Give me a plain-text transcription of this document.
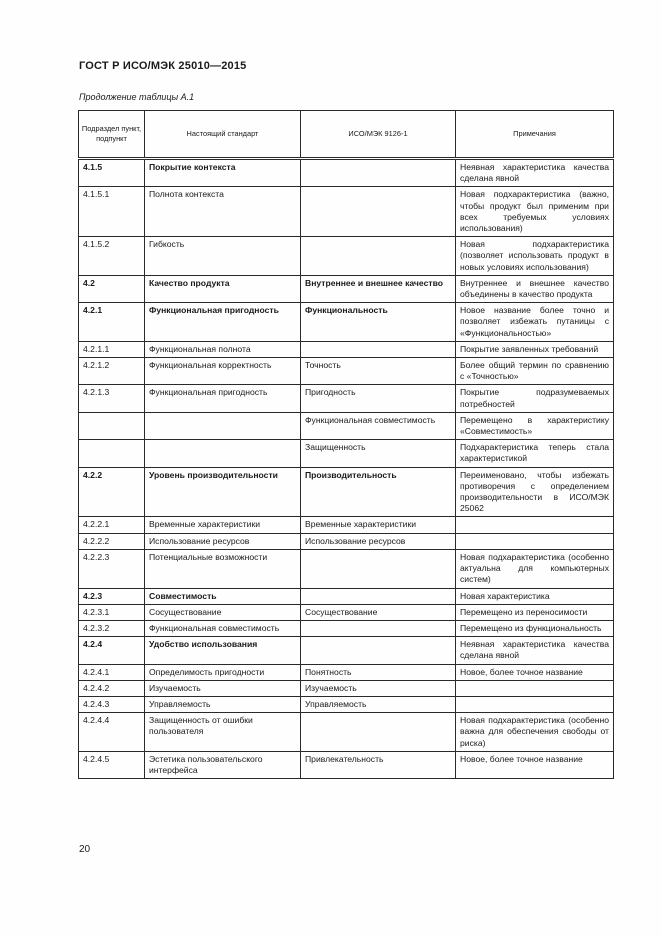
ГОСТ Р ИСО/МЭК 25010—2015
Продолжение таблицы А.1
Подраздел пункт, подпункт	Настоящий стандарт	ИСО/МЭК 9126-1	Примечания
4.1.5	Покрытие контекста		Неявная характеристика качества сделана явной
4.1.5.1	Полнота контекста		Новая подхарактеристика (важно, чтобы продукт был применим при всех требуемых условиях использования)
4.1.5.2	Гибкость		Новая подхарактеристика (позволяет использовать продукт в новых условиях использования)
4.2	Качество продукта	Внутреннее и внешнее качество	Внутреннее и внешнее качество объединены в качество продукта
4.2.1	Функциональная пригодность	Функциональность	Новое название более точно и позволяет избежать путаницы с «Функциональностью»
4.2.1.1	Функциональная полнота		Покрытие заявленных требований
4.2.1.2	Функциональная корректность	Точность	Более общий термин по сравнению с «Точностью»
4.2.1.3	Функциональная пригодность	Пригодность	Покрытие подразумеваемых потребностей
		Функциональная совместимость	Перемещено в характеристику «Совместимость»
		Защищенность	Подхарактеристика теперь стала характеристикой
4.2.2	Уровень производительности	Производительность	Переименовано, чтобы избежать противоречия с определением производительности в ИСО/МЭК 25062
4.2.2.1	Временные характеристики	Временные характеристики	
4.2.2.2	Использование ресурсов	Использование ресурсов	
4.2.2.3	Потенциальные возможности		Новая подхарактеристика (особенно актуальна для компьютерных систем)
4.2.3	Совместимость		Новая характеристика
4.2.3.1	Сосуществование	Сосуществование	Перемещено из переносимости
4.2.3.2	Функциональная совместимость		Перемещено из функциональность
4.2.4	Удобство использования		Неявная характеристика качества сделана явной
4.2.4.1	Определимость пригодности	Понятность	Новое, более точное название
4.2.4.2	Изучаемость	Изучаемость	
4.2.4.3	Управляемость	Управляемость	
4.2.4.4	Защищенность от ошибки пользователя		Новая подхарактеристика (особенно важна для обеспечения свободы от риска)
4.2.4.5	Эстетика пользовательского интерфейса	Привлекательность	Новое, более точное название
20
